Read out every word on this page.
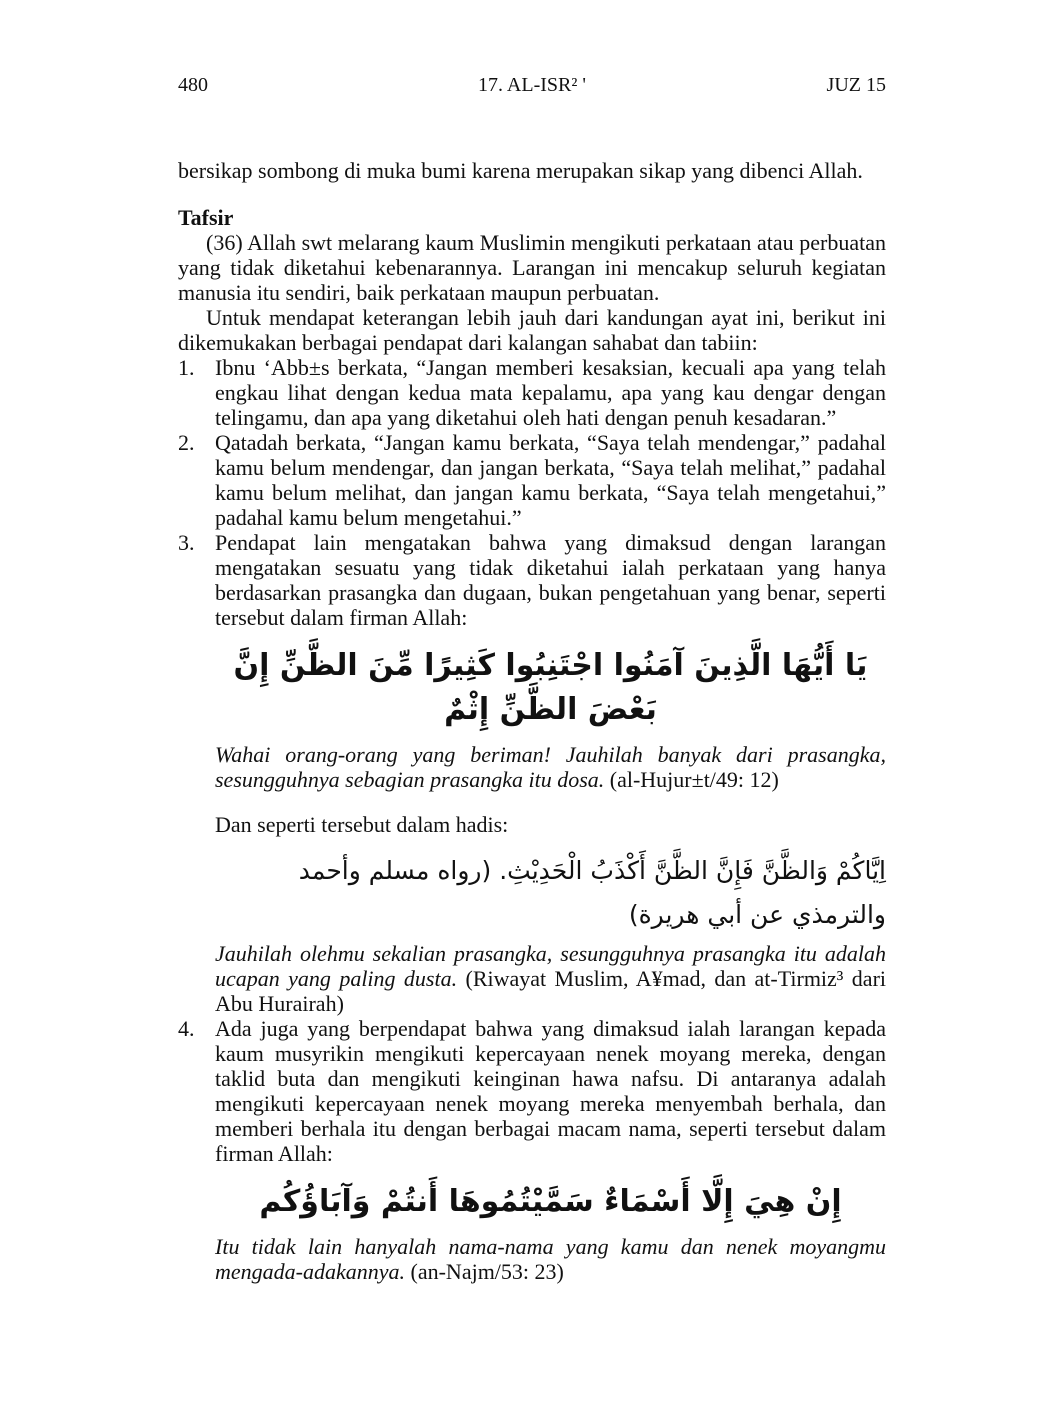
480	17. AL-ISR² '	JUZ 15

bersikap sombong di muka bumi karena merupakan sikap yang dibenci Allah.

Tafsir

(36) Allah swt melarang kaum Muslimin mengikuti perkataan atau perbuatan yang tidak diketahui kebenarannya. Larangan ini mencakup seluruh kegiatan manusia itu sendiri, baik perkataan maupun perbuatan.

Untuk mendapat keterangan lebih jauh dari kandungan ayat ini, berikut ini dikemukakan berbagai pendapat dari kalangan sahabat dan tabiin:

1. Ibnu ‘Abb±s berkata, “Jangan memberi kesaksian, kecuali apa yang telah engkau lihat dengan kedua mata kepalamu, apa yang kau dengar dengan telingamu, dan apa yang diketahui oleh hati dengan penuh kesadaran.”

2. Qatadah berkata, “Jangan kamu berkata, “Saya telah mendengar,” padahal kamu belum mendengar, dan jangan berkata, “Saya telah melihat,” padahal kamu belum melihat, dan jangan kamu berkata, “Saya telah mengetahui,” padahal kamu belum mengetahui.”

3. Pendapat lain mengatakan bahwa yang dimaksud dengan larangan mengatakan sesuatu yang tidak diketahui ialah perkataan yang hanya berdasarkan prasangka dan dugaan, bukan pengetahuan yang benar, seperti tersebut dalam firman Allah:

يَا أَيُّهَا الَّذِينَ آمَنُوا اجْتَنِبُوا كَثِيرًا مِّنَ الظَّنِّ إِنَّ بَعْضَ الظَّنِّ إِثْمٌ

Wahai orang-orang yang beriman! Jauhilah banyak dari prasangka, sesungguhnya sebagian prasangka itu dosa. (al-Hujur±t/49: 12)

Dan seperti tersebut dalam hadis:

اِيَّاكُمْ وَالظَّنَّ فَإِنَّ الظَّنَّ أَكْذَبُ الْحَدِيْثِ. (رواه مسلم وأحمد والترمذي عن أبي هريرة)

Jauhilah olehmu sekalian prasangka, sesungguhnya prasangka itu adalah ucapan yang paling dusta. (Riwayat Muslim, A¥mad, dan at-Tirmiz³ dari Abu Hurairah)

4. Ada juga yang berpendapat bahwa yang dimaksud ialah larangan kepada kaum musyrikin mengikuti kepercayaan nenek moyang mereka, dengan taklid buta dan mengikuti keinginan hawa nafsu. Di antaranya adalah mengikuti kepercayaan nenek moyang mereka menyembah berhala, dan memberi berhala itu dengan berbagai macam nama, seperti tersebut dalam firman Allah:

إِنْ هِيَ إِلَّا أَسْمَاءٌ سَمَّيْتُمُوهَا أَنتُمْ وَآبَاؤُكُم

Itu tidak lain hanyalah nama-nama yang kamu dan nenek moyangmu mengada-adakannya. (an-Najm/53: 23)
